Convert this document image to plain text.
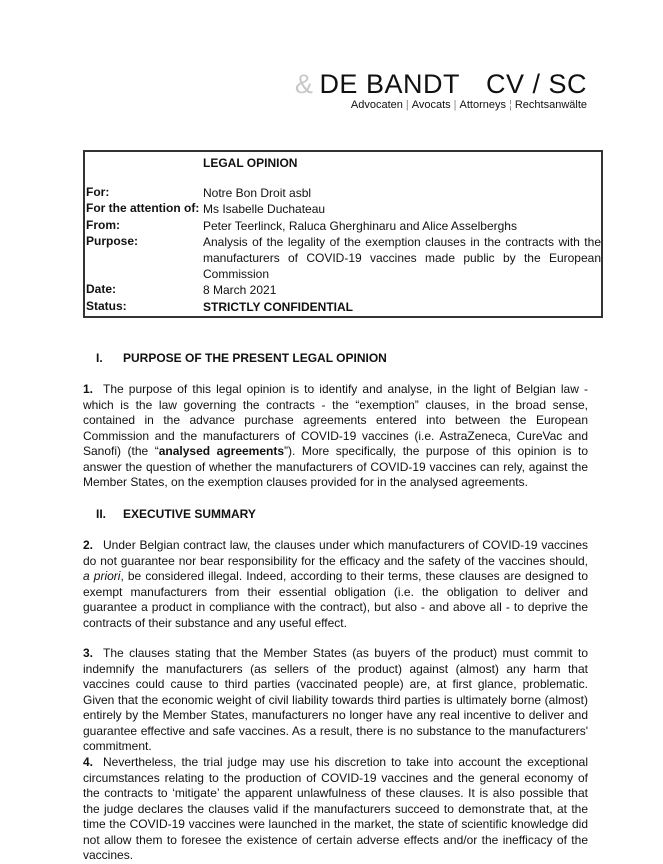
& DE BANDT CV / SC
Advocaten | Avocats | Attorneys ¦ Rechtsanwälte
LEGAL OPINION
For:	Notre Bon Droit asbl
For the attention of: Ms Isabelle Duchateau
From:	Peter Teerlinck, Raluca Gherghinaru and Alice Asselberghs
Purpose:	Analysis of the legality of the exemption clauses in the contracts with the manufacturers of COVID-19 vaccines made public by the European Commission
Date:	8 March 2021
Status:	STRICTLY CONFIDENTIAL
I. PURPOSE OF THE PRESENT LEGAL OPINION
1. The purpose of this legal opinion is to identify and analyse, in the light of Belgian law - which is the law governing the contracts - the “exemption” clauses, in the broad sense, contained in the advance purchase agreements entered into between the European Commission and the manufacturers of COVID-19 vaccines (i.e. AstraZeneca, CureVac and Sanofi) (the “analysed agreements”). More specifically, the purpose of this opinion is to answer the question of whether the manufacturers of COVID-19 vaccines can rely, against the Member States, on the exemption clauses provided for in the analysed agreements.
II. EXECUTIVE SUMMARY
2. Under Belgian contract law, the clauses under which manufacturers of COVID-19 vaccines do not guarantee nor bear responsibility for the efficacy and the safety of the vaccines should, a priori, be considered illegal. Indeed, according to their terms, these clauses are designed to exempt manufacturers from their essential obligation (i.e. the obligation to deliver and guarantee a product in compliance with the contract), but also - and above all - to deprive the contracts of their substance and any useful effect.
3. The clauses stating that the Member States (as buyers of the product) must commit to indemnify the manufacturers (as sellers of the product) against (almost) any harm that vaccines could cause to third parties (vaccinated people) are, at first glance, problematic. Given that the economic weight of civil liability towards third parties is ultimately borne (almost) entirely by the Member States, manufacturers no longer have any real incentive to deliver and guarantee effective and safe vaccines. As a result, there is no substance to the manufacturers' commitment.
4. Nevertheless, the trial judge may use his discretion to take into account the exceptional circumstances relating to the production of COVID-19 vaccines and the general economy of the contracts to ‘mitigate’ the apparent unlawfulness of these clauses. It is also possible that the judge declares the clauses valid if the manufacturers succeed to demonstrate that, at the time the COVID-19 vaccines were launched in the market, the state of scientific knowledge did not allow them to foresee the existence of certain adverse effects and/or the inefficacy of the vaccines.
